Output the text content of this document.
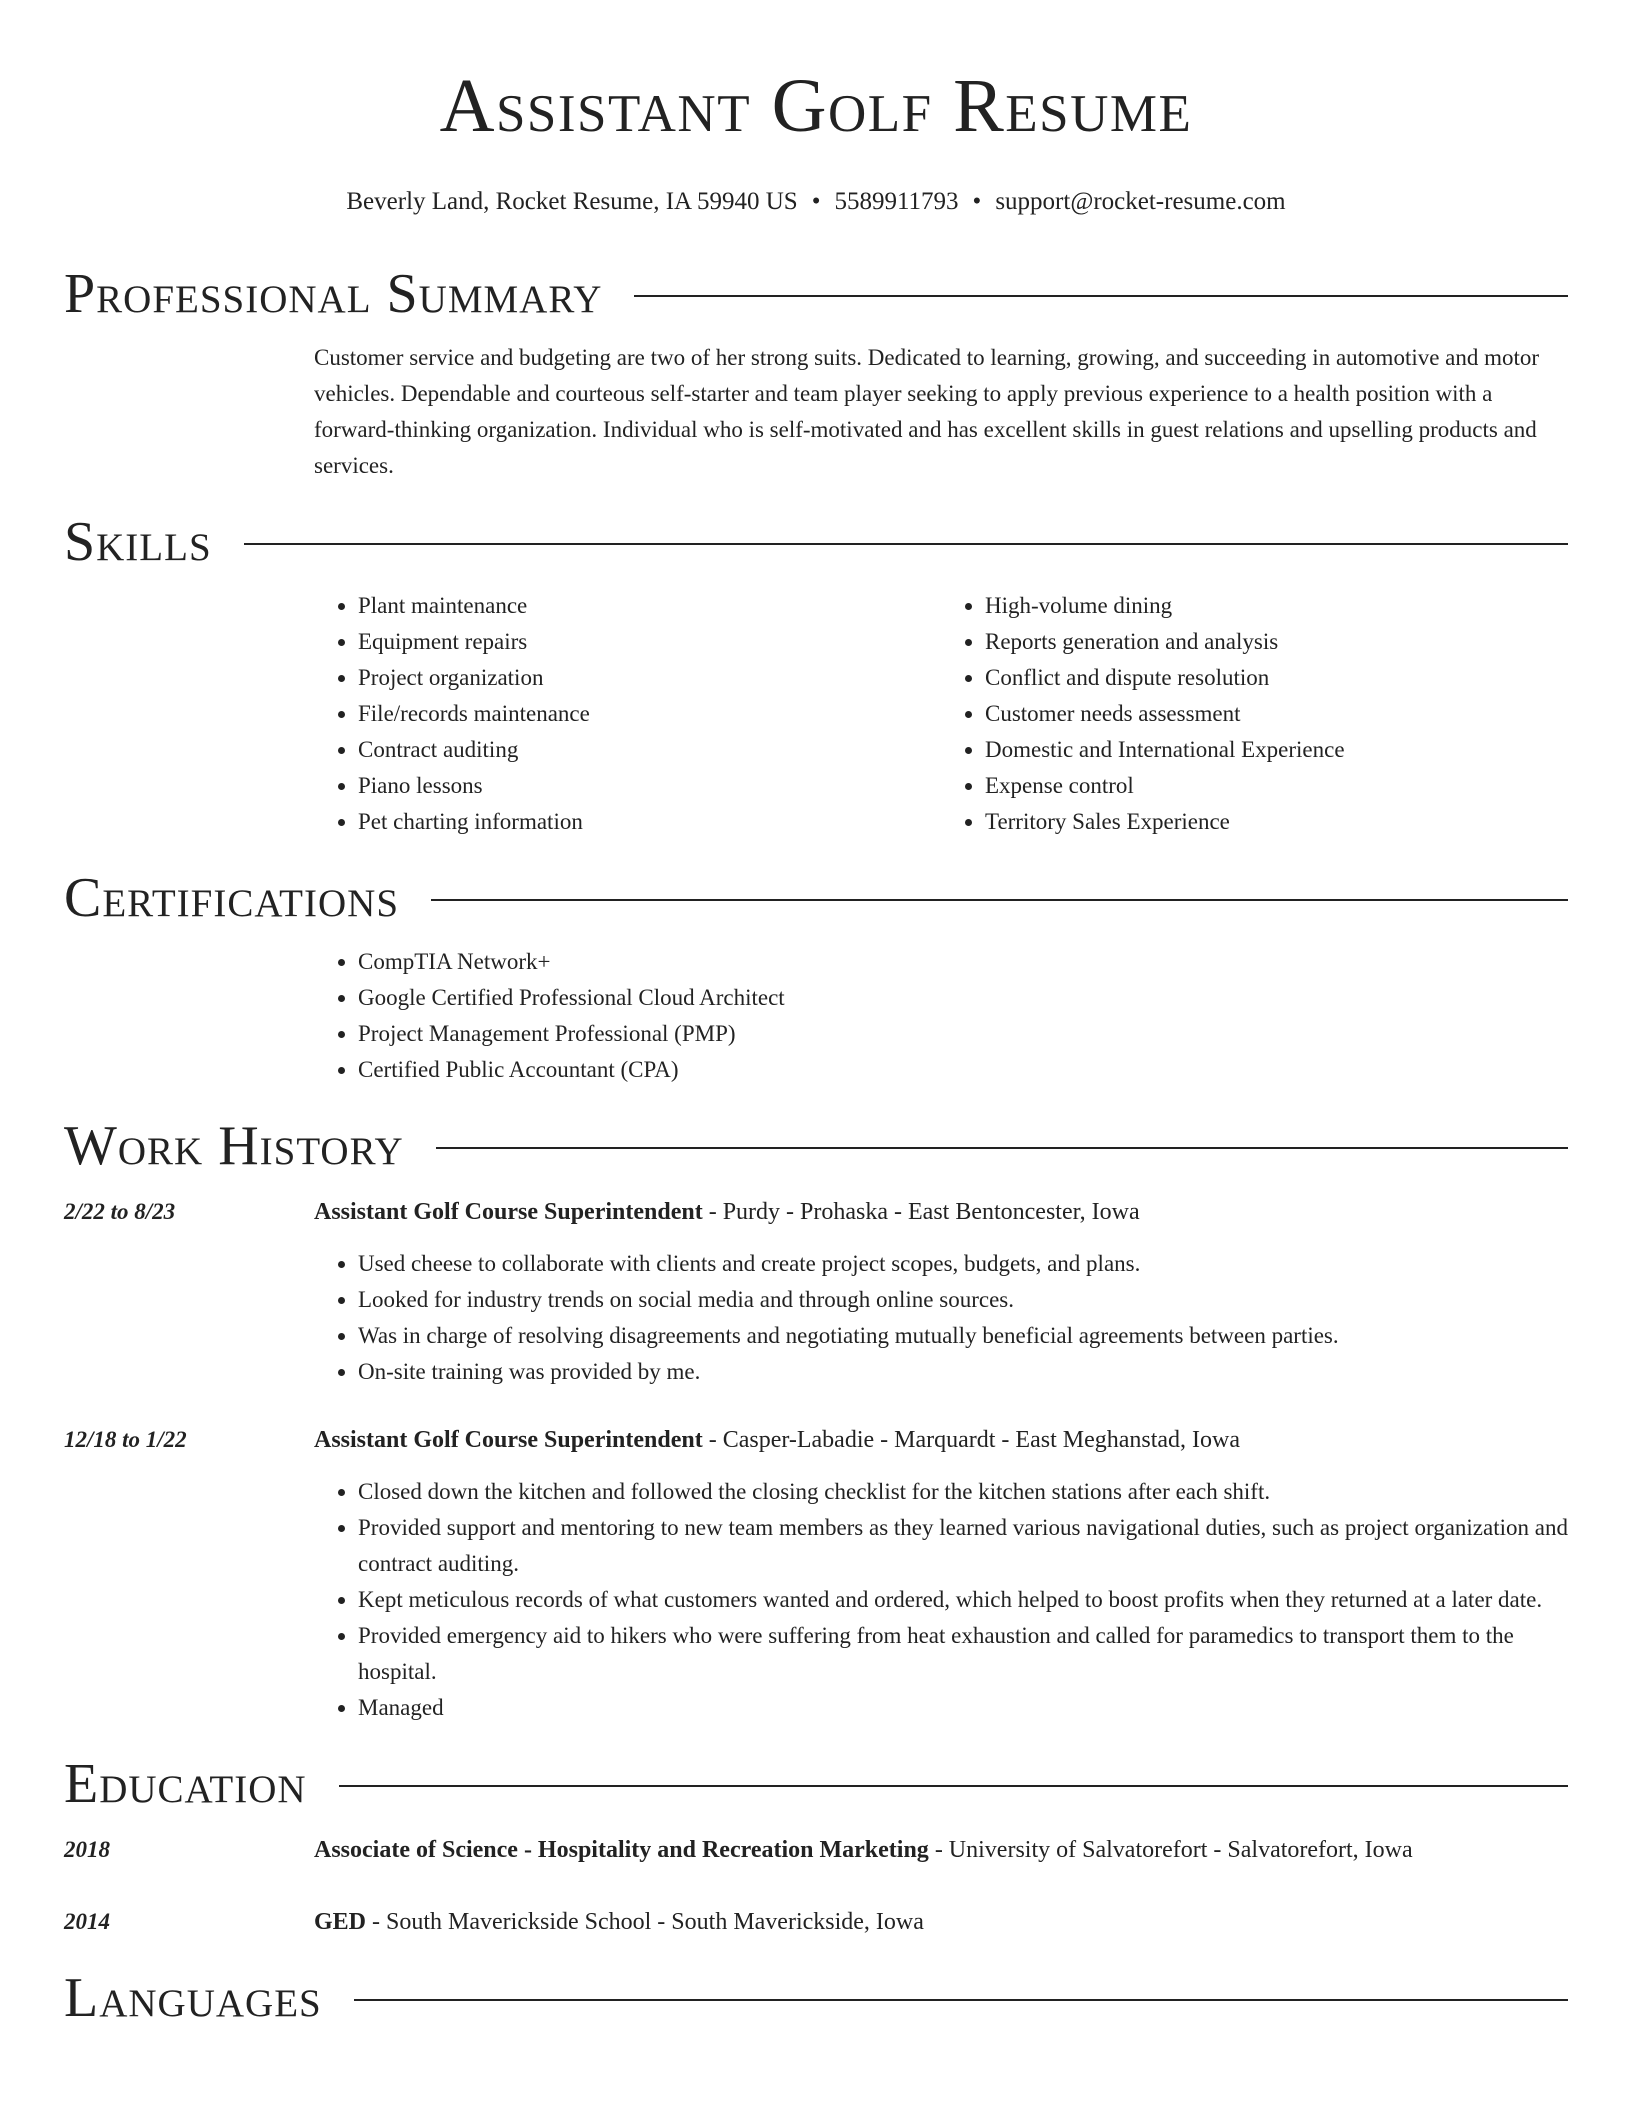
Assistant Golf Resume
Beverly Land, Rocket Resume, IA 59940 US • 5589911793 • support@rocket-resume.com
Professional Summary
Customer service and budgeting are two of her strong suits. Dedicated to learning, growing, and succeeding in automotive and motor vehicles. Dependable and courteous self-starter and team player seeking to apply previous experience to a health position with a forward-thinking organization. Individual who is self-motivated and has excellent skills in guest relations and upselling products and services.
Skills
• Plant maintenance
• Equipment repairs
• Project organization
• File/records maintenance
• Contract auditing
• Piano lessons
• Pet charting information
• High-volume dining
• Reports generation and analysis
• Conflict and dispute resolution
• Customer needs assessment
• Domestic and International Experience
• Expense control
• Territory Sales Experience
Certifications
• CompTIA Network+
• Google Certified Professional Cloud Architect
• Project Management Professional (PMP)
• Certified Public Accountant (CPA)
Work History
2/22 to 8/23	Assistant Golf Course Superintendent - Purdy - Prohaska - East Bentoncester, Iowa
• Used cheese to collaborate with clients and create project scopes, budgets, and plans.
• Looked for industry trends on social media and through online sources.
• Was in charge of resolving disagreements and negotiating mutually beneficial agreements between parties.
• On-site training was provided by me.
12/18 to 1/22	Assistant Golf Course Superintendent - Casper-Labadie - Marquardt - East Meghanstad, Iowa
• Closed down the kitchen and followed the closing checklist for the kitchen stations after each shift.
• Provided support and mentoring to new team members as they learned various navigational duties, such as project organization and contract auditing.
• Kept meticulous records of what customers wanted and ordered, which helped to boost profits when they returned at a later date.
• Provided emergency aid to hikers who were suffering from heat exhaustion and called for paramedics to transport them to the hospital.
• Managed
Education
2018	Associate of Science - Hospitality and Recreation Marketing - University of Salvatorefort - Salvatorefort, Iowa
2014	GED - South Maverickside School - South Maverickside, Iowa
Languages
